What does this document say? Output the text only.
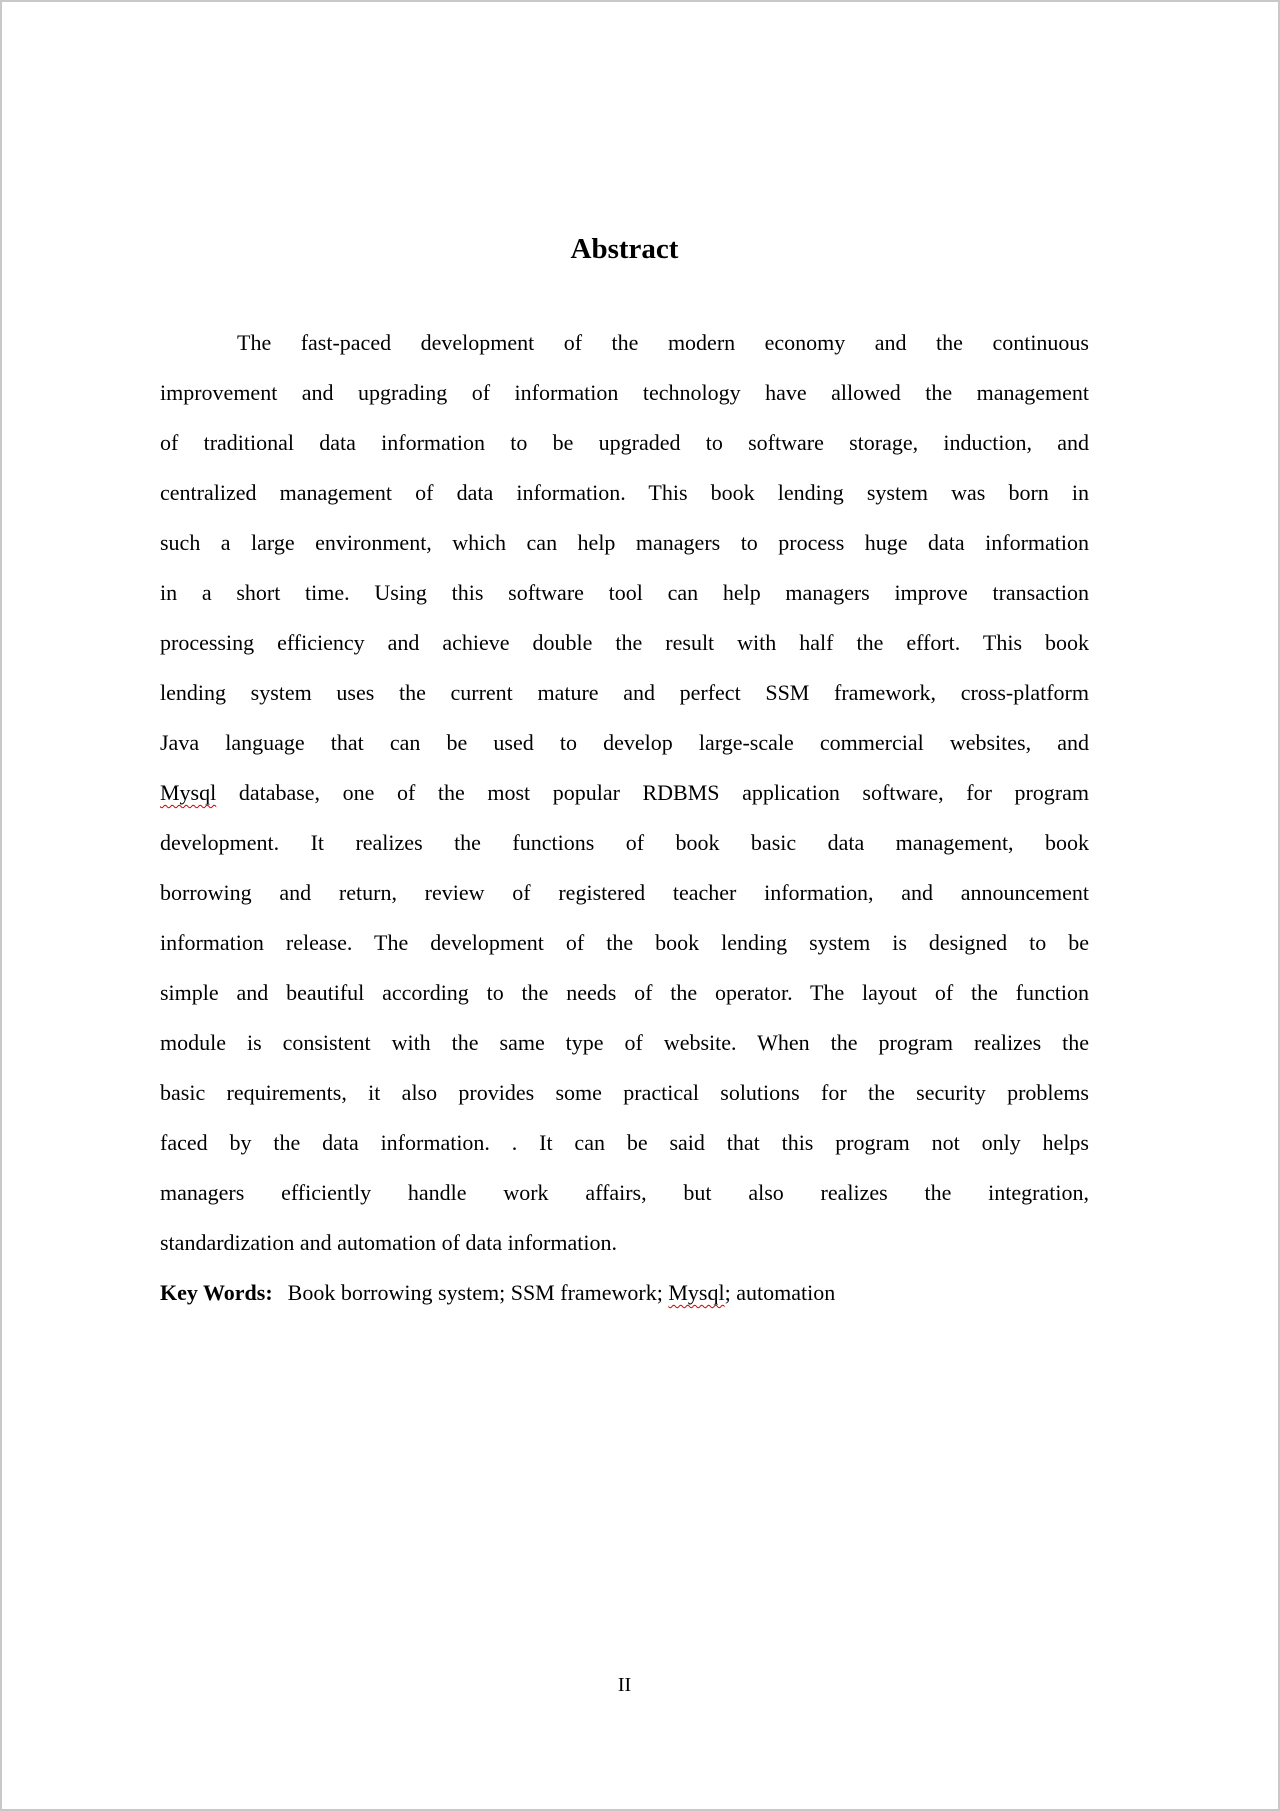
Abstract
The fast-paced development of the modern economy and the continuous
improvement and upgrading of information technology have allowed the management
of traditional data information to be upgraded to software storage, induction, and
centralized management of data information. This book lending system was born in
such a large environment, which can help managers to process huge data information
in a short time. Using this software tool can help managers improve transaction
processing efficiency and achieve double the result with half the effort. This book
lending system uses the current mature and perfect SSM framework, cross-platform
Java language that can be used to develop large-scale commercial websites, and
Mysql database, one of the most popular RDBMS application software, for program
development. It realizes the functions of book basic data management, book
borrowing and return, review of registered teacher information, and announcement
information release. The development of the book lending system is designed to be
simple and beautiful according to the needs of the operator. The layout of the function
module is consistent with the same type of website. When the program realizes the
basic requirements, it also provides some practical solutions for the security problems
faced by the data information. . It can be said that this program not only helps
managers efficiently handle work affairs, but also realizes the integration,
standardization and automation of data information.
Key Words: Book borrowing system; SSM framework; Mysql; automation
II
